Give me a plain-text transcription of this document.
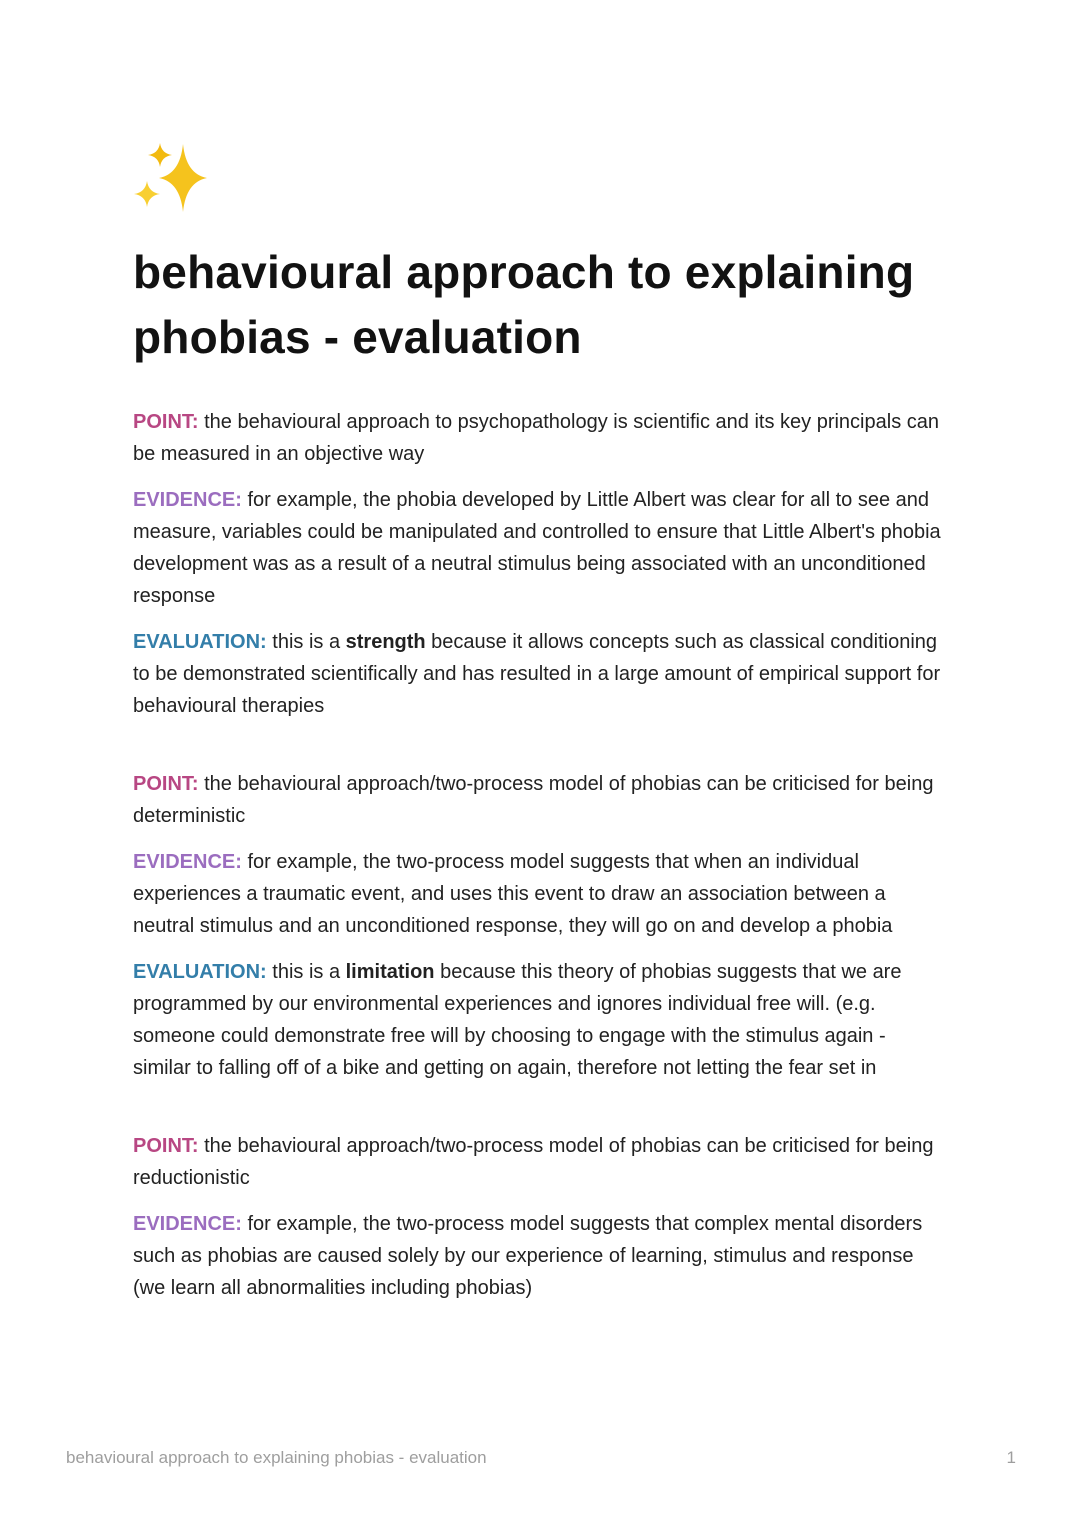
behavioural approach to explaining phobias - evaluation

POINT: the behavioural approach to psychopathology is scientific and its key principals can be measured in an objective way

EVIDENCE: for example, the phobia developed by Little Albert was clear for all to see and measure, variables could be manipulated and controlled to ensure that Little Albert's phobia development was as a result of a neutral stimulus being associated with an unconditioned response

EVALUATION: this is a strength because it allows concepts such as classical conditioning to be demonstrated scientifically and has resulted in a large amount of empirical support for behavioural therapies

POINT: the behavioural approach/two-process model of phobias can be criticised for being deterministic

EVIDENCE: for example, the two-process model suggests that when an individual experiences a traumatic event, and uses this event to draw an association between a neutral stimulus and an unconditioned response, they will go on and develop a phobia

EVALUATION: this is a limitation because this theory of phobias suggests that we are programmed by our environmental experiences and ignores individual free will. (e.g. someone could demonstrate free will by choosing to engage with the stimulus again - similar to falling off of a bike and getting on again, therefore not letting the fear set in

POINT: the behavioural approach/two-process model of phobias can be criticised for being reductionistic

EVIDENCE: for example, the two-process model suggests that complex mental disorders such as phobias are caused solely by our experience of learning, stimulus and response (we learn all abnormalities including phobias)

behavioural approach to explaining phobias - evaluation	1
